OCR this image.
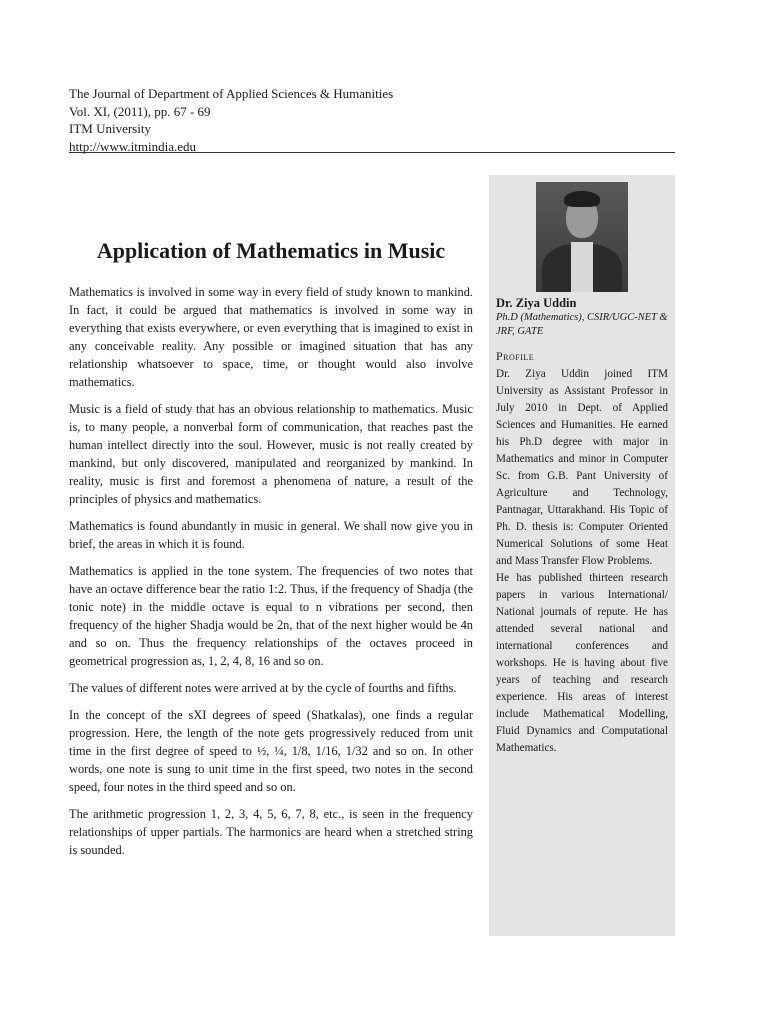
The Journal of Department of Applied Sciences & Humanities
Vol. XI, (2011), pp. 67 - 69
ITM University
http://www.itmindia.edu
Application of Mathematics in Music

Mathematics is involved in some way in every field of study known to mankind. In fact, it could be argued that mathematics is involved in some way in everything that exists everywhere, or even everything that is imagined to exist in any conceivable reality. Any possible or imagined situation that has any relationship whatsoever to space, time, or thought would also involve mathematics.

Music is a field of study that has an obvious relationship to mathematics. Music is, to many people, a nonverbal form of communication, that reaches past the human intellect directly into the soul. However, music is not really created by mankind, but only discovered, manipulated and reorganized by mankind. In reality, music is first and foremost a phenomena of nature, a result of the principles of physics and mathematics.

Mathematics is found abundantly in music in general. We shall now give you in brief, the areas in which it is found.

Mathematics is applied in the tone system. The frequencies of two notes that have an octave difference bear the ratio 1:2. Thus, if the frequency of Shadja (the tonic note) in the middle octave is equal to n vibrations per second, then frequency of the higher Shadja would be 2n, that of the next higher would be 4n and so on. Thus the frequency relationships of the octaves proceed in geometrical progression as, 1, 2, 4, 8, 16 and so on.

The values of different notes were arrived at by the cycle of fourths and fifths.

In the concept of the sXI degrees of speed (Shatkalas), one finds a regular progression. Here, the length of the note gets progressively reduced from unit time in the first degree of speed to ½, ¼, 1/8, 1/16, 1/32 and so on. In other words, one note is sung to unit time in the first speed, two notes in the second speed, four notes in the third speed and so on.

The arithmetic progression 1, 2, 3, 4, 5, 6, 7, 8, etc., is seen in the frequency relationships of upper partials. The harmonics are heard when a stretched string is sounded.

Dr. Ziya Uddin
Ph.D (Mathematics), CSIR/UGC-NET & JRF, GATE
Profile

Dr. Ziya Uddin joined ITM University as Assistant Professor in July 2010 in Dept. of Applied Sciences and Humanities. He earned his Ph.D degree with major in Mathematics and minor in Computer Sc. from G.B. Pant University of Agriculture and Technology, Pantnagar, Uttarakhand. His Topic of Ph. D. thesis is: Computer Oriented Numerical Solutions of some Heat and Mass Transfer Flow Problems.

He has published thirteen research papers in various International/ National journals of repute. He has attended several national and international conferences and workshops. He is having about five years of teaching and research experience. His areas of interest include Mathematical Modelling, Fluid Dynamics and Computational Mathematics.
